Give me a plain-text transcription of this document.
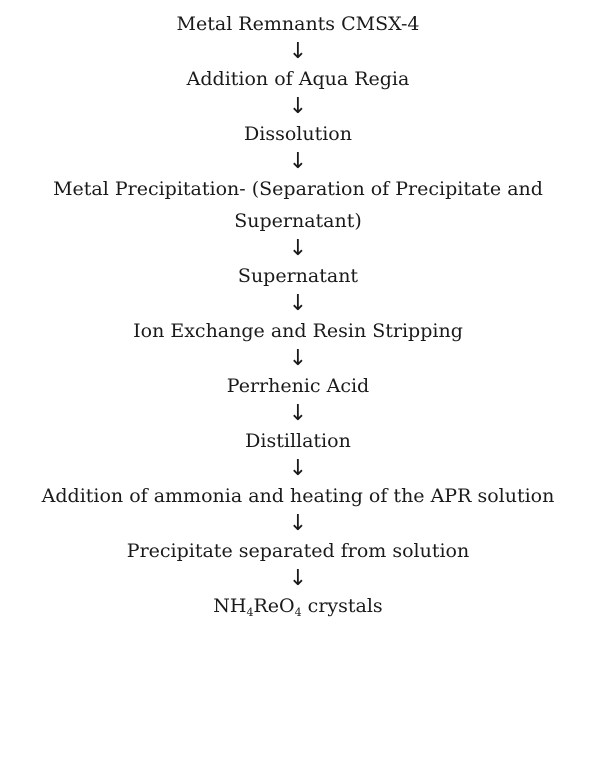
Metal Remnants CMSX-4
↓
Addition of Aqua Regia
↓
Dissolution
↓
Metal Precipitation- (Separation of Precipitate and Supernatant)
↓
Supernatant
↓
Ion Exchange and Resin Stripping
↓
Perrhenic Acid
↓
Distillation
↓
Addition of ammonia and heating of the APR solution
↓
Precipitate separated from solution
↓
$NH_4ReO_4$ crystals
